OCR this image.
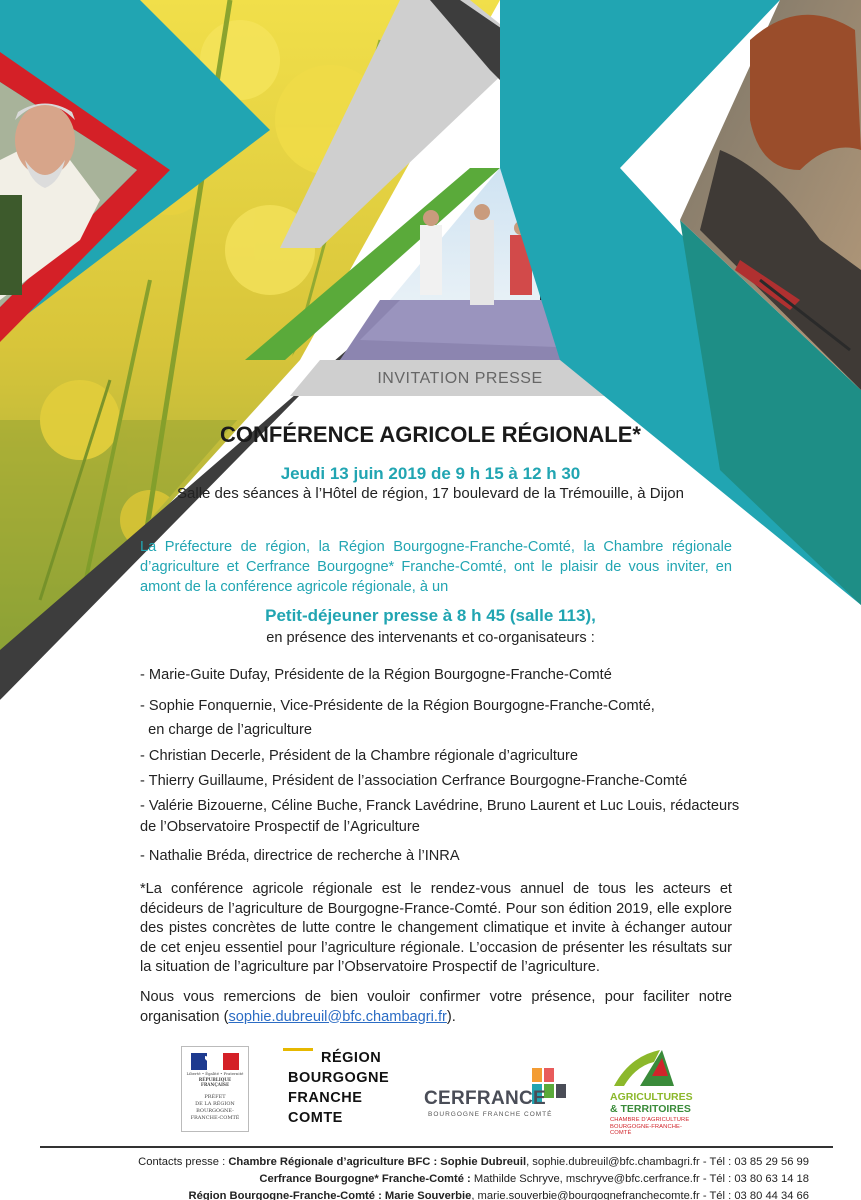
INVITATION PRESSE
CONFÉRENCE AGRICOLE RÉGIONALE*
Jeudi 13 juin 2019 de 9 h 15 à 12 h 30
Salle des séances à l’Hôtel de région, 17 boulevard de la Trémouille, à Dijon
La Préfecture de région, la Région Bourgogne-Franche-Comté, la Chambre régionale d’agriculture et Cerfrance Bourgogne* Franche-Comté, ont le plaisir de vous inviter, en amont de la conférence agricole régionale, à un
Petit-déjeuner presse à 8 h 45 (salle 113),
en présence des intervenants et co-organisateurs :
- Marie-Guite Dufay, Présidente de la Région Bourgogne-Franche-Comté
- Sophie Fonquernie, Vice-Présidente de la Région Bourgogne-Franche-Comté,
en charge de l’agriculture
- Christian Decerle, Président de la Chambre régionale d’agriculture
- Thierry Guillaume, Président de l’association Cerfrance Bourgogne-Franche-Comté
- Valérie Bizouerne, Céline Buche, Franck Lavédrine, Bruno Laurent et Luc Louis, rédacteurs
de l’Observatoire Prospectif de l’Agriculture
- Nathalie Bréda, directrice de recherche à l’INRA
*La conférence agricole régionale est le rendez-vous annuel de tous les acteurs et décideurs de l’agriculture de Bourgogne-France-Comté. Pour son édition 2019, elle explore des pistes concrètes de lutte contre le changement climatique et invite à échanger autour de cet enjeu essentiel pour l’agriculture régionale. L’occasion de présenter les résultats sur la situation de l’agriculture par l’Observatoire Prospectif de l’agriculture.
Nous vous remercions de bien vouloir confirmer votre présence, pour faciliter notre organisation (sophie.dubreuil@bfc.chambagri.fr).
Liberté • Égalité • Fraternité
RÉPUBLIQUE FRANÇAISE
PRÉFET
DE LA RÉGION
BOURGOGNE-
FRANCHE-COMTÉ
RÉGION
BOURGOGNE
FRANCHE
COMTE
CERFRANCE
BOURGOGNE FRANCHE COMTÉ
AGRICULTURES
& TERRITOIRES
CHAMBRE D’AGRICULTURE
BOURGOGNE-FRANCHE-COMTÉ
Contacts presse : Chambre Régionale d’agriculture BFC : Sophie Dubreuil, sophie.dubreuil@bfc.chambagri.fr - Tél : 03 85 29 56 99
Cerfrance Bourgogne* Franche-Comté : Mathilde Schryve, mschryve@bfc.cerfrance.fr - Tél : 03 80 63 14 18
Région Bourgogne-Franche-Comté : Marie Souverbie, marie.souverbie@bourgognefranchecomte.fr - Tél : 03 80 44 34 66
